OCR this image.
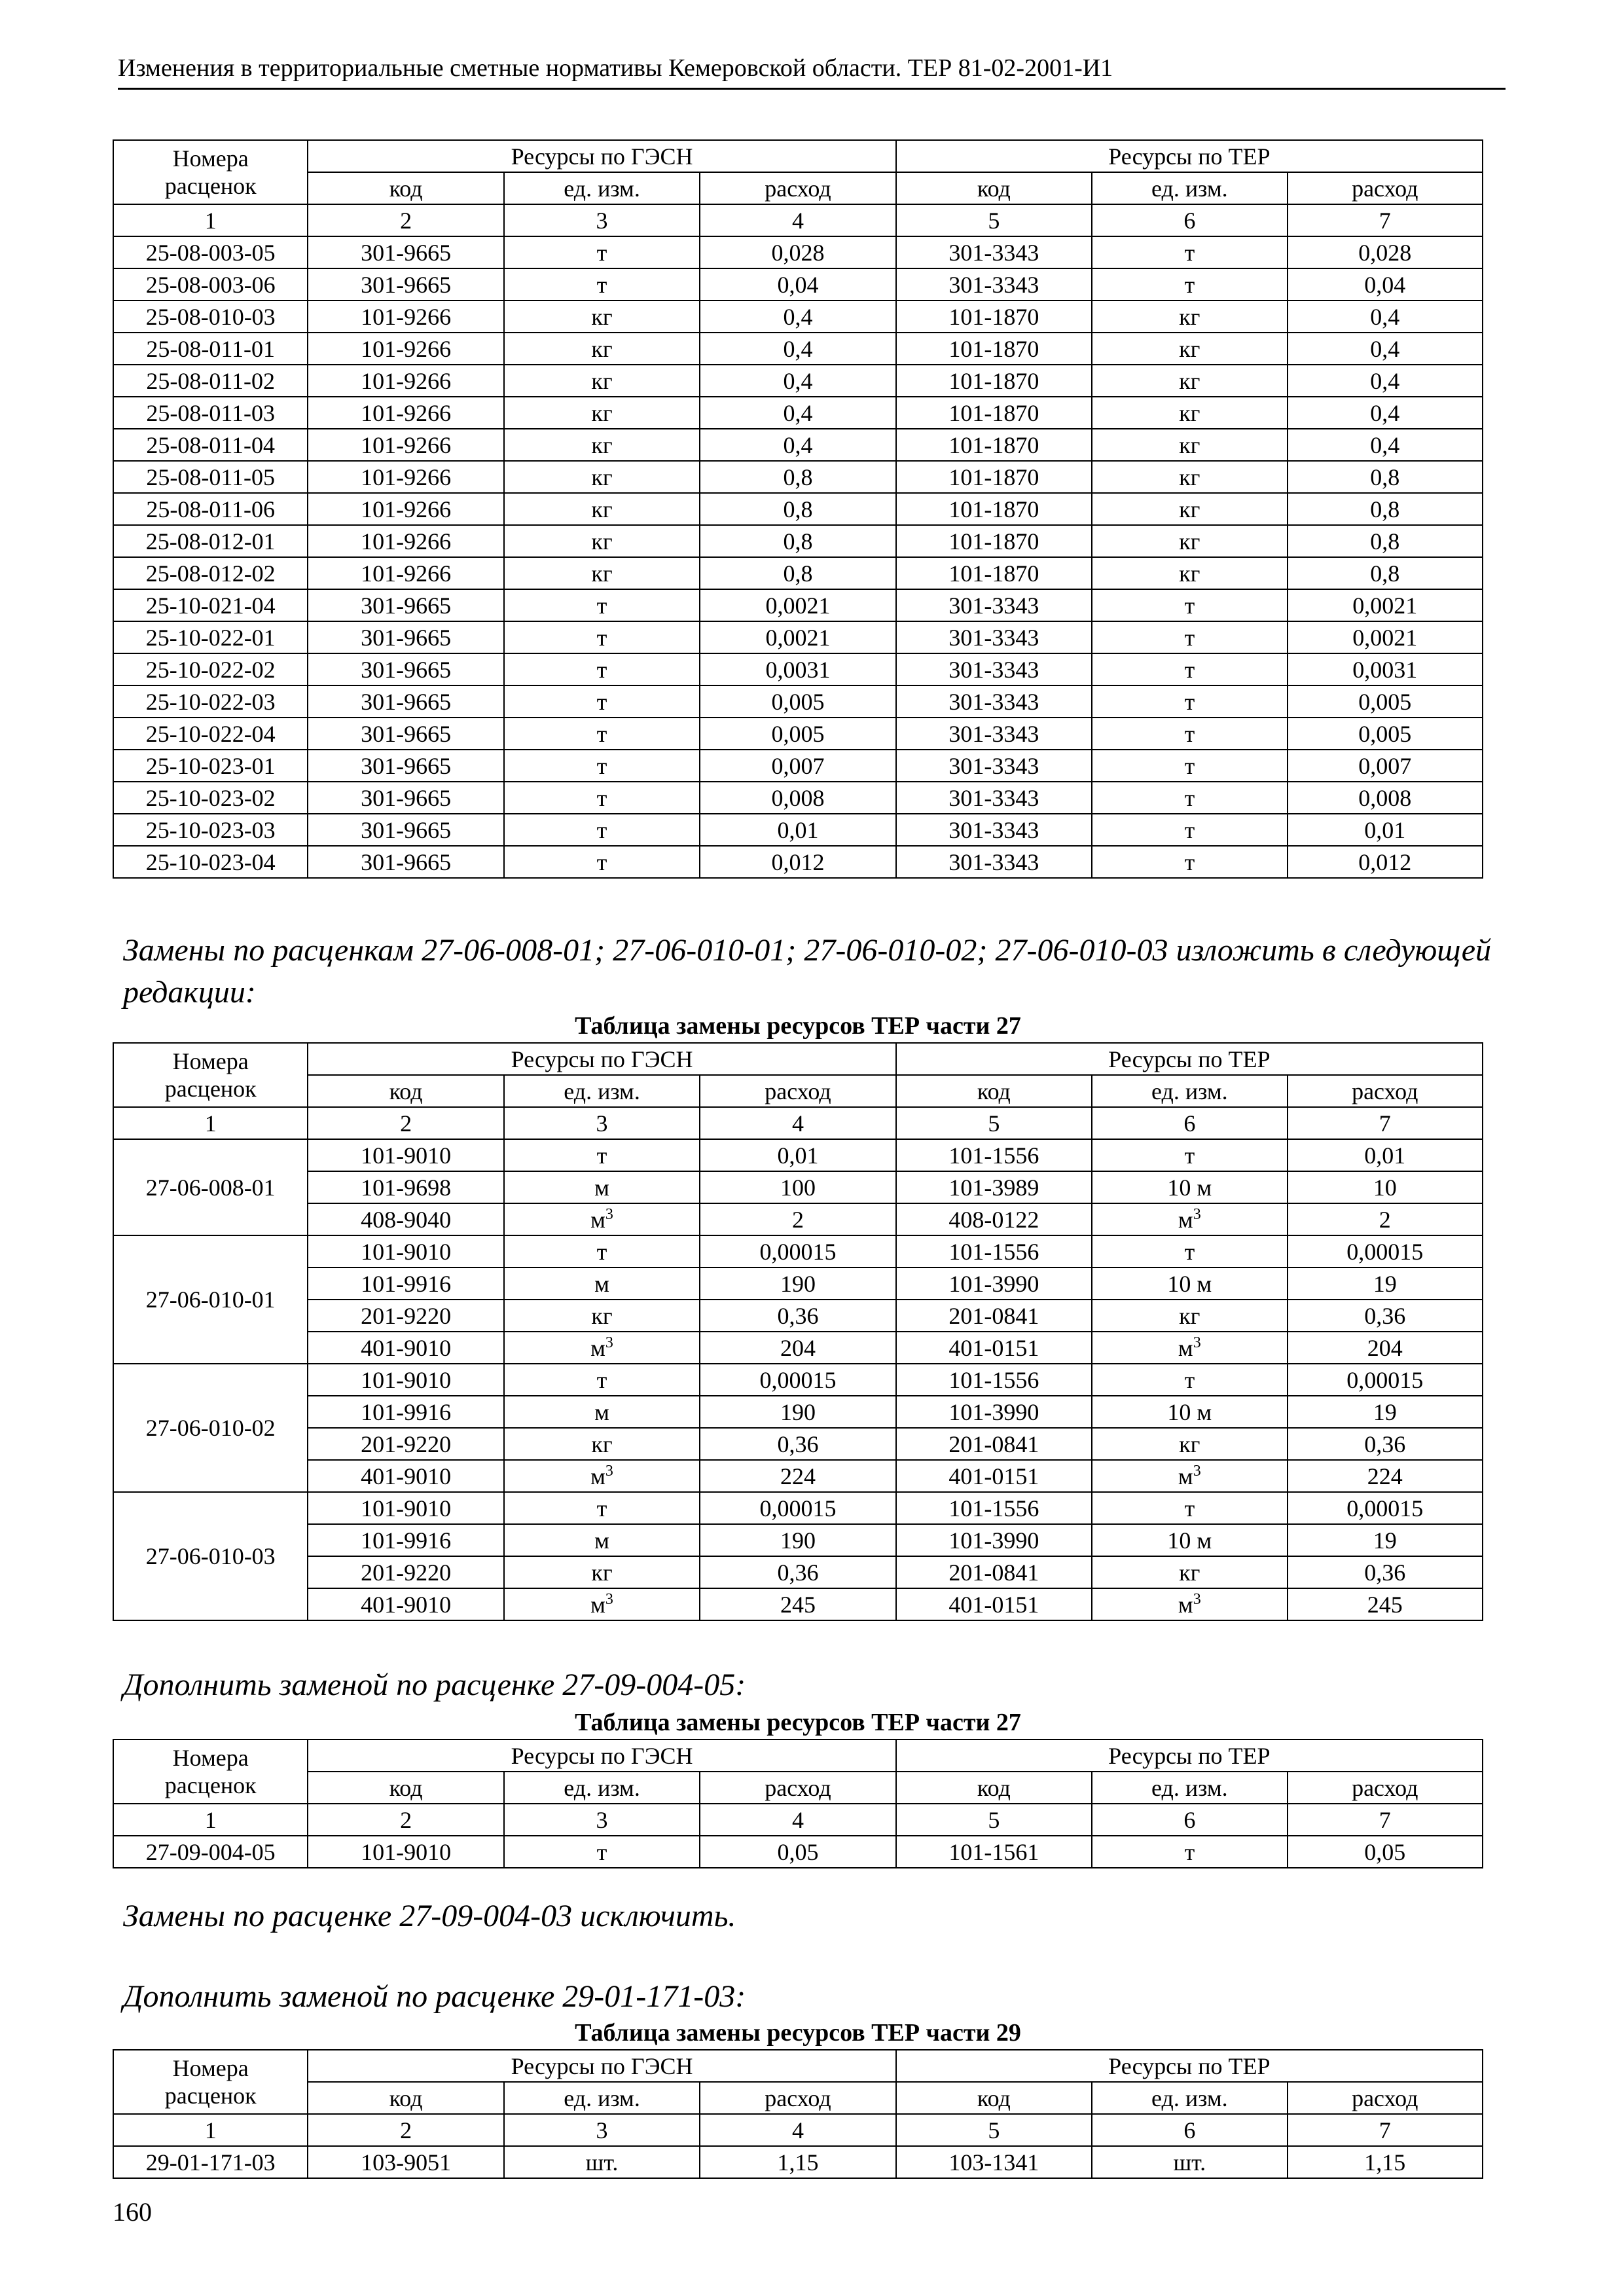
Изменения в территориальные сметные нормативы Кемеровской области. ТЕР 81-02-2001-И1
Номера расценок	Ресурсы по ГЭСН			Ресурсы по ТЕР		
	код	ед. изм.	расход	код	ед. изм.	расход
1	2	3	4	5	6	7
25-08-003-05	301-9665	т	0,028	301-3343	т	0,028
25-08-003-06	301-9665	т	0,04	301-3343	т	0,04
25-08-010-03	101-9266	кг	0,4	101-1870	кг	0,4
25-08-011-01	101-9266	кг	0,4	101-1870	кг	0,4
25-08-011-02	101-9266	кг	0,4	101-1870	кг	0,4
25-08-011-03	101-9266	кг	0,4	101-1870	кг	0,4
25-08-011-04	101-9266	кг	0,4	101-1870	кг	0,4
25-08-011-05	101-9266	кг	0,8	101-1870	кг	0,8
25-08-011-06	101-9266	кг	0,8	101-1870	кг	0,8
25-08-012-01	101-9266	кг	0,8	101-1870	кг	0,8
25-08-012-02	101-9266	кг	0,8	101-1870	кг	0,8
25-10-021-04	301-9665	т	0,0021	301-3343	т	0,0021
25-10-022-01	301-9665	т	0,0021	301-3343	т	0,0021
25-10-022-02	301-9665	т	0,0031	301-3343	т	0,0031
25-10-022-03	301-9665	т	0,005	301-3343	т	0,005
25-10-022-04	301-9665	т	0,005	301-3343	т	0,005
25-10-023-01	301-9665	т	0,007	301-3343	т	0,007
25-10-023-02	301-9665	т	0,008	301-3343	т	0,008
25-10-023-03	301-9665	т	0,01	301-3343	т	0,01
25-10-023-04	301-9665	т	0,012	301-3343	т	0,012
Замены по расценкам 27-06-008-01; 27-06-010-01; 27-06-010-02; 27-06-010-03 изложить в следующей редакции:
Таблица замены ресурсов ТЕР части 27
Номера расценок	Ресурсы по ГЭСН			Ресурсы по ТЕР		
	код	ед. изм.	расход	код	ед. изм.	расход
1	2	3	4	5	6	7
27-06-008-01	101-9010	т	0,01	101-1556	т	0,01
	101-9698	м	100	101-3989	10 м	10
	408-9040	$м^3$	2	408-0122	$м^3$	2
27-06-010-01	101-9010	т	0,00015	101-1556	т	0,00015
	101-9916	м	190	101-3990	10 м	19
	201-9220	кг	0,36	201-0841	кг	0,36
	401-9010	$м^3$	204	401-0151	$м^3$	204
27-06-010-02	101-9010	т	0,00015	101-1556	т	0,00015
	101-9916	м	190	101-3990	10 м	19
	201-9220	кг	0,36	201-0841	кг	0,36
	401-9010	$м^3$	224	401-0151	$м^3$	224
27-06-010-03	101-9010	т	0,00015	101-1556	т	0,00015
	101-9916	м	190	101-3990	10 м	19
	201-9220	кг	0,36	201-0841	кг	0,36
	401-9010	$м^3$	245	401-0151	$м^3$	245
Дополнить заменой по расценке 27-09-004-05:
Таблица замены ресурсов ТЕР части 27
Номера расценок	Ресурсы по ГЭСН			Ресурсы по ТЕР		
	код	ед. изм.	расход	код	ед. изм.	расход
1	2	3	4	5	6	7
27-09-004-05	101-9010	т	0,05	101-1561	т	0,05
Замены по расценке 27-09-004-03 исключить.
Дополнить заменой по расценке 29-01-171-03:
Таблица замены ресурсов ТЕР части 29
Номера расценок	Ресурсы по ГЭСН			Ресурсы по ТЕР		
	код	ед. изм.	расход	код	ед. изм.	расход
1	2	3	4	5	6	7
29-01-171-03	103-9051	шт.	1,15	103-1341	шт.	1,15
160
